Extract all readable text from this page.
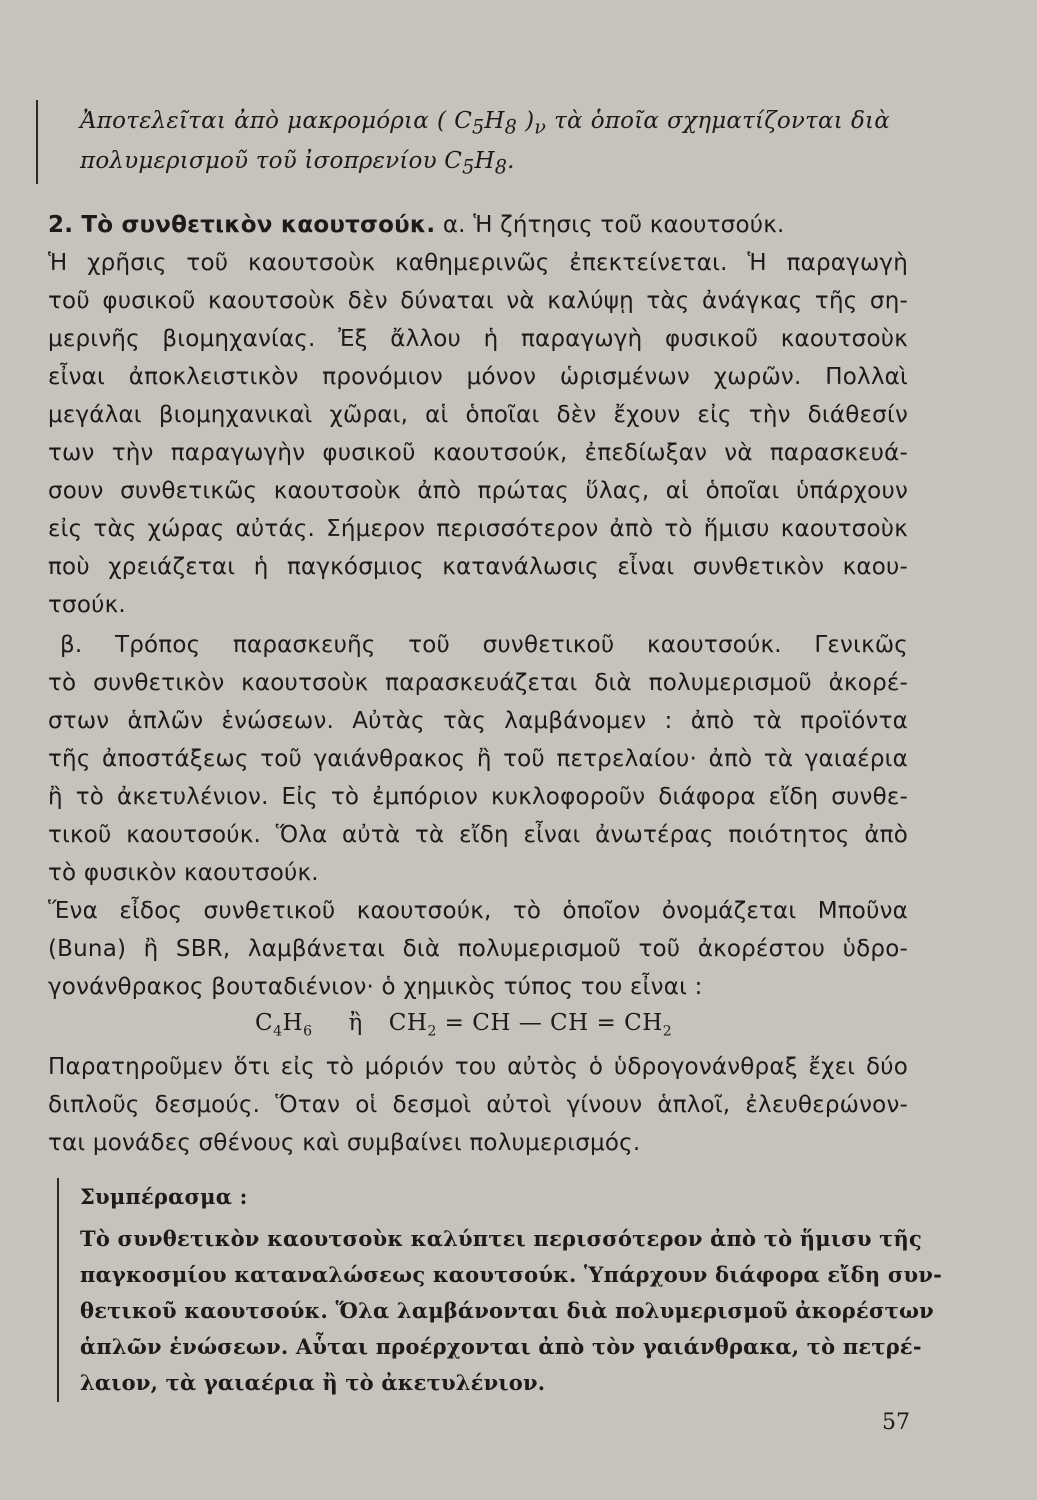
Ἀποτελεῖται ἀπὸ μακρομόρια ( $C_5H_8$ )$_\nu$ τὰ ὁποῖα σχηματίζονται διὰ
πολυμερισμοῦ τοῦ ἰσοπρενίου $C_5H_8$.
2. Τὸ συνθετικὸν καουτσούκ. α. Ἡ ζήτησις τοῦ καουτσούκ.
Ἡ χρῆσις τοῦ καουτσοὺκ καθημερινῶς ἐπεκτείνεται. Ἡ παραγωγὴ
τοῦ φυσικοῦ καουτσοὺκ δὲν δύναται νὰ καλύψῃ τὰς ἀνάγκας τῆς ση-
μερινῆς βιομηχανίας. Ἐξ ἄλλου ἡ παραγωγὴ φυσικοῦ καουτσοὺκ
εἶναι ἀποκλειστικὸν προνόμιον μόνον ὡρισμένων χωρῶν. Πολλαὶ
μεγάλαι βιομηχανικαὶ χῶραι, αἱ ὁποῖαι δὲν ἔχουν εἰς τὴν διάθεσίν
των τὴν παραγωγὴν φυσικοῦ καουτσούκ, ἐπεδίωξαν νὰ παρασκευά-
σουν συνθετικῶς καουτσοὺκ ἀπὸ πρώτας ὕλας, αἱ ὁποῖαι ὑπάρχουν
εἰς τὰς χώρας αὐτάς. Σήμερον περισσότερον ἀπὸ τὸ ἥμισυ καουτσοὺκ
ποὺ χρειάζεται ἡ παγκόσμιος κατανάλωσις εἶναι συνθετικὸν καου-
τσούκ.
β. Τρόπος παρασκευῆς τοῦ συνθετικοῦ καουτσούκ. Γενικῶς
τὸ συνθετικὸν καουτσοὺκ παρασκευάζεται διὰ πολυμερισμοῦ ἀκορέ-
στων ἁπλῶν ἑνώσεων. Αὐτὰς τὰς λαμβάνομεν : ἀπὸ τὰ προϊόντα
τῆς ἀποστάξεως τοῦ γαιάνθρακος ἢ τοῦ πετρελαίου· ἀπὸ τὰ γαιαέρια
ἢ τὸ ἀκετυλένιον. Εἰς τὸ ἐμπόριον κυκλοφοροῦν διάφορα εἴδη συνθε-
τικοῦ καουτσούκ. Ὅλα αὐτὰ τὰ εἴδη εἶναι ἀνωτέρας ποιότητος ἀπὸ
τὸ φυσικὸν καουτσούκ.
Ἕνα εἶδος συνθετικοῦ καουτσούκ, τὸ ὁποῖον ὀνομάζεται Μποῦνα
(Buna) ἢ SBR, λαμβάνεται διὰ πολυμερισμοῦ τοῦ ἀκορέστου ὑδρο-
γονάνθρακος βουταδιένιον· ὁ χημικὸς τύπος του εἶναι :
$C_4H_6$ ἢ $CH_2$ = CH — CH = $CH_2$
Παρατηροῦμεν ὅτι εἰς τὸ μόριόν του αὐτὸς ὁ ὑδρογονάνθραξ ἔχει δύο
διπλοῦς δεσμούς. Ὅταν οἱ δεσμοὶ αὐτοὶ γίνουν ἁπλοῖ, ἐλευθερώνον-
ται μονάδες σθένους καὶ συμβαίνει πολυμερισμός.
Συμπέρασμα :
Τὸ συνθετικὸν καουτσοὺκ καλύπτει περισσότερον ἀπὸ τὸ ἥμισυ τῆς
παγκοσμίου καταναλώσεως καουτσούκ. Ὑπάρχουν διάφορα εἴδη συν-
θετικοῦ καουτσούκ. Ὅλα λαμβάνονται διὰ πολυμερισμοῦ ἀκορέστων
ἁπλῶν ἑνώσεων. Αὗται προέρχονται ἀπὸ τὸν γαιάνθρακα, τὸ πετρέ-
λαιον, τὰ γαιαέρια ἢ τὸ ἀκετυλένιον.
57
